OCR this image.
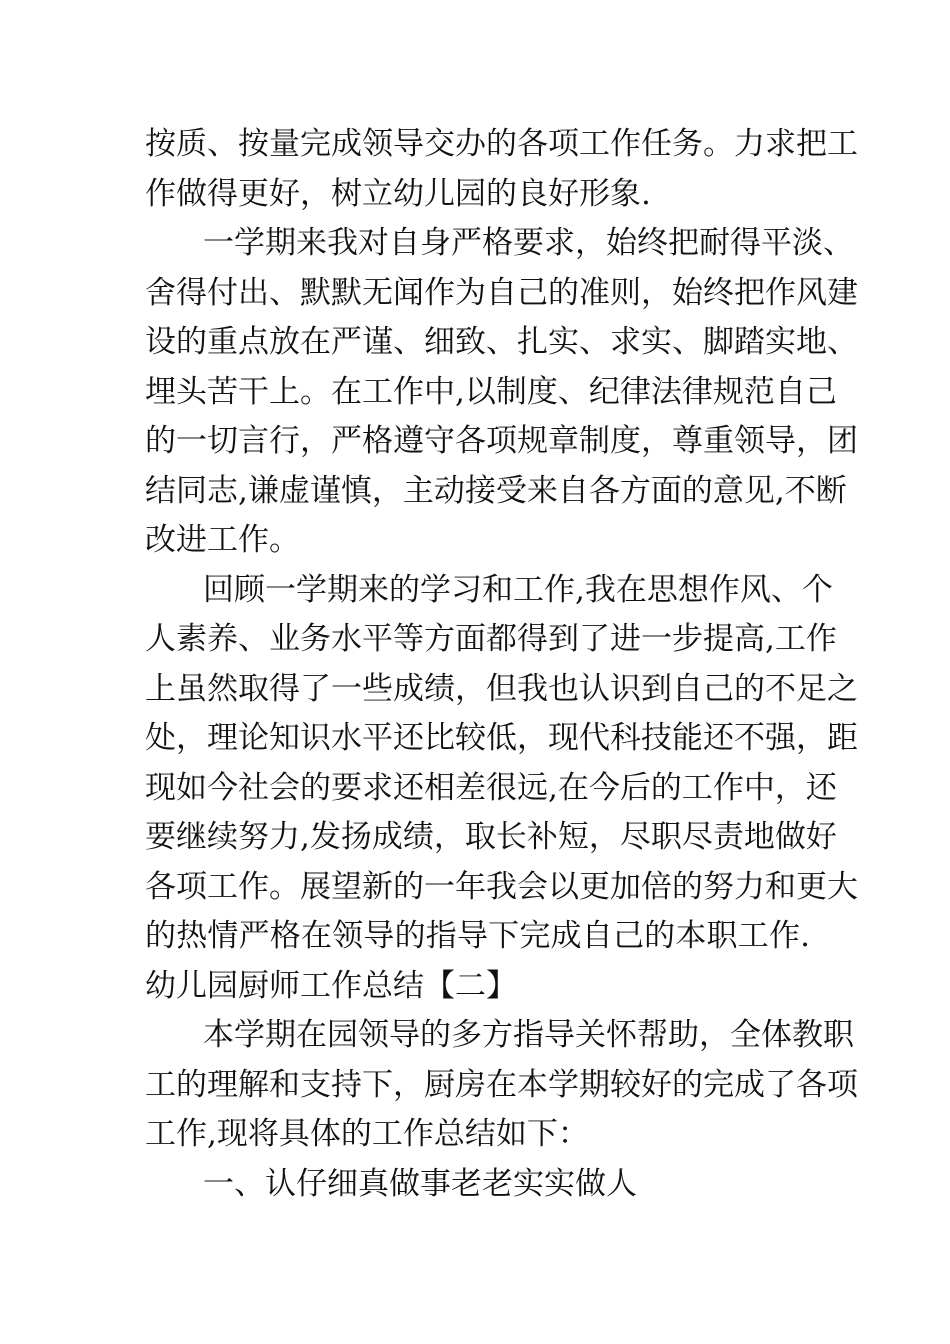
按质、按量完成领导交办的各项工作任务。力求把工
作做得更好，树立幼儿园的良好形象.
一学期来我对自身严格要求，始终把耐得平淡、
舍得付出、默默无闻作为自己的准则，始终把作风建
设的重点放在严谨、细致、扎实、求实、脚踏实地、
埋头苦干上。在工作中,以制度、纪律法律规范自己
的一切言行，严格遵守各项规章制度，尊重领导，团
结同志,谦虚谨慎，主动接受来自各方面的意见,不断
改进工作。
回顾一学期来的学习和工作,我在思想作风、个
人素养、业务水平等方面都得到了进一步提高,工作
上虽然取得了一些成绩，但我也认识到自己的不足之
处，理论知识水平还比较低，现代科技能还不强，距
现如今社会的要求还相差很远,在今后的工作中，还
要继续努力,发扬成绩，取长补短，尽职尽责地做好
各项工作。展望新的一年我会以更加倍的努力和更大
的热情严格在领导的指导下完成自己的本职工作.
幼儿园厨师工作总结【二】
本学期在园领导的多方指导关怀帮助，全体教职
工的理解和支持下，厨房在本学期较好的完成了各项
工作,现将具体的工作总结如下：
一、认仔细真做事老老实实做人
